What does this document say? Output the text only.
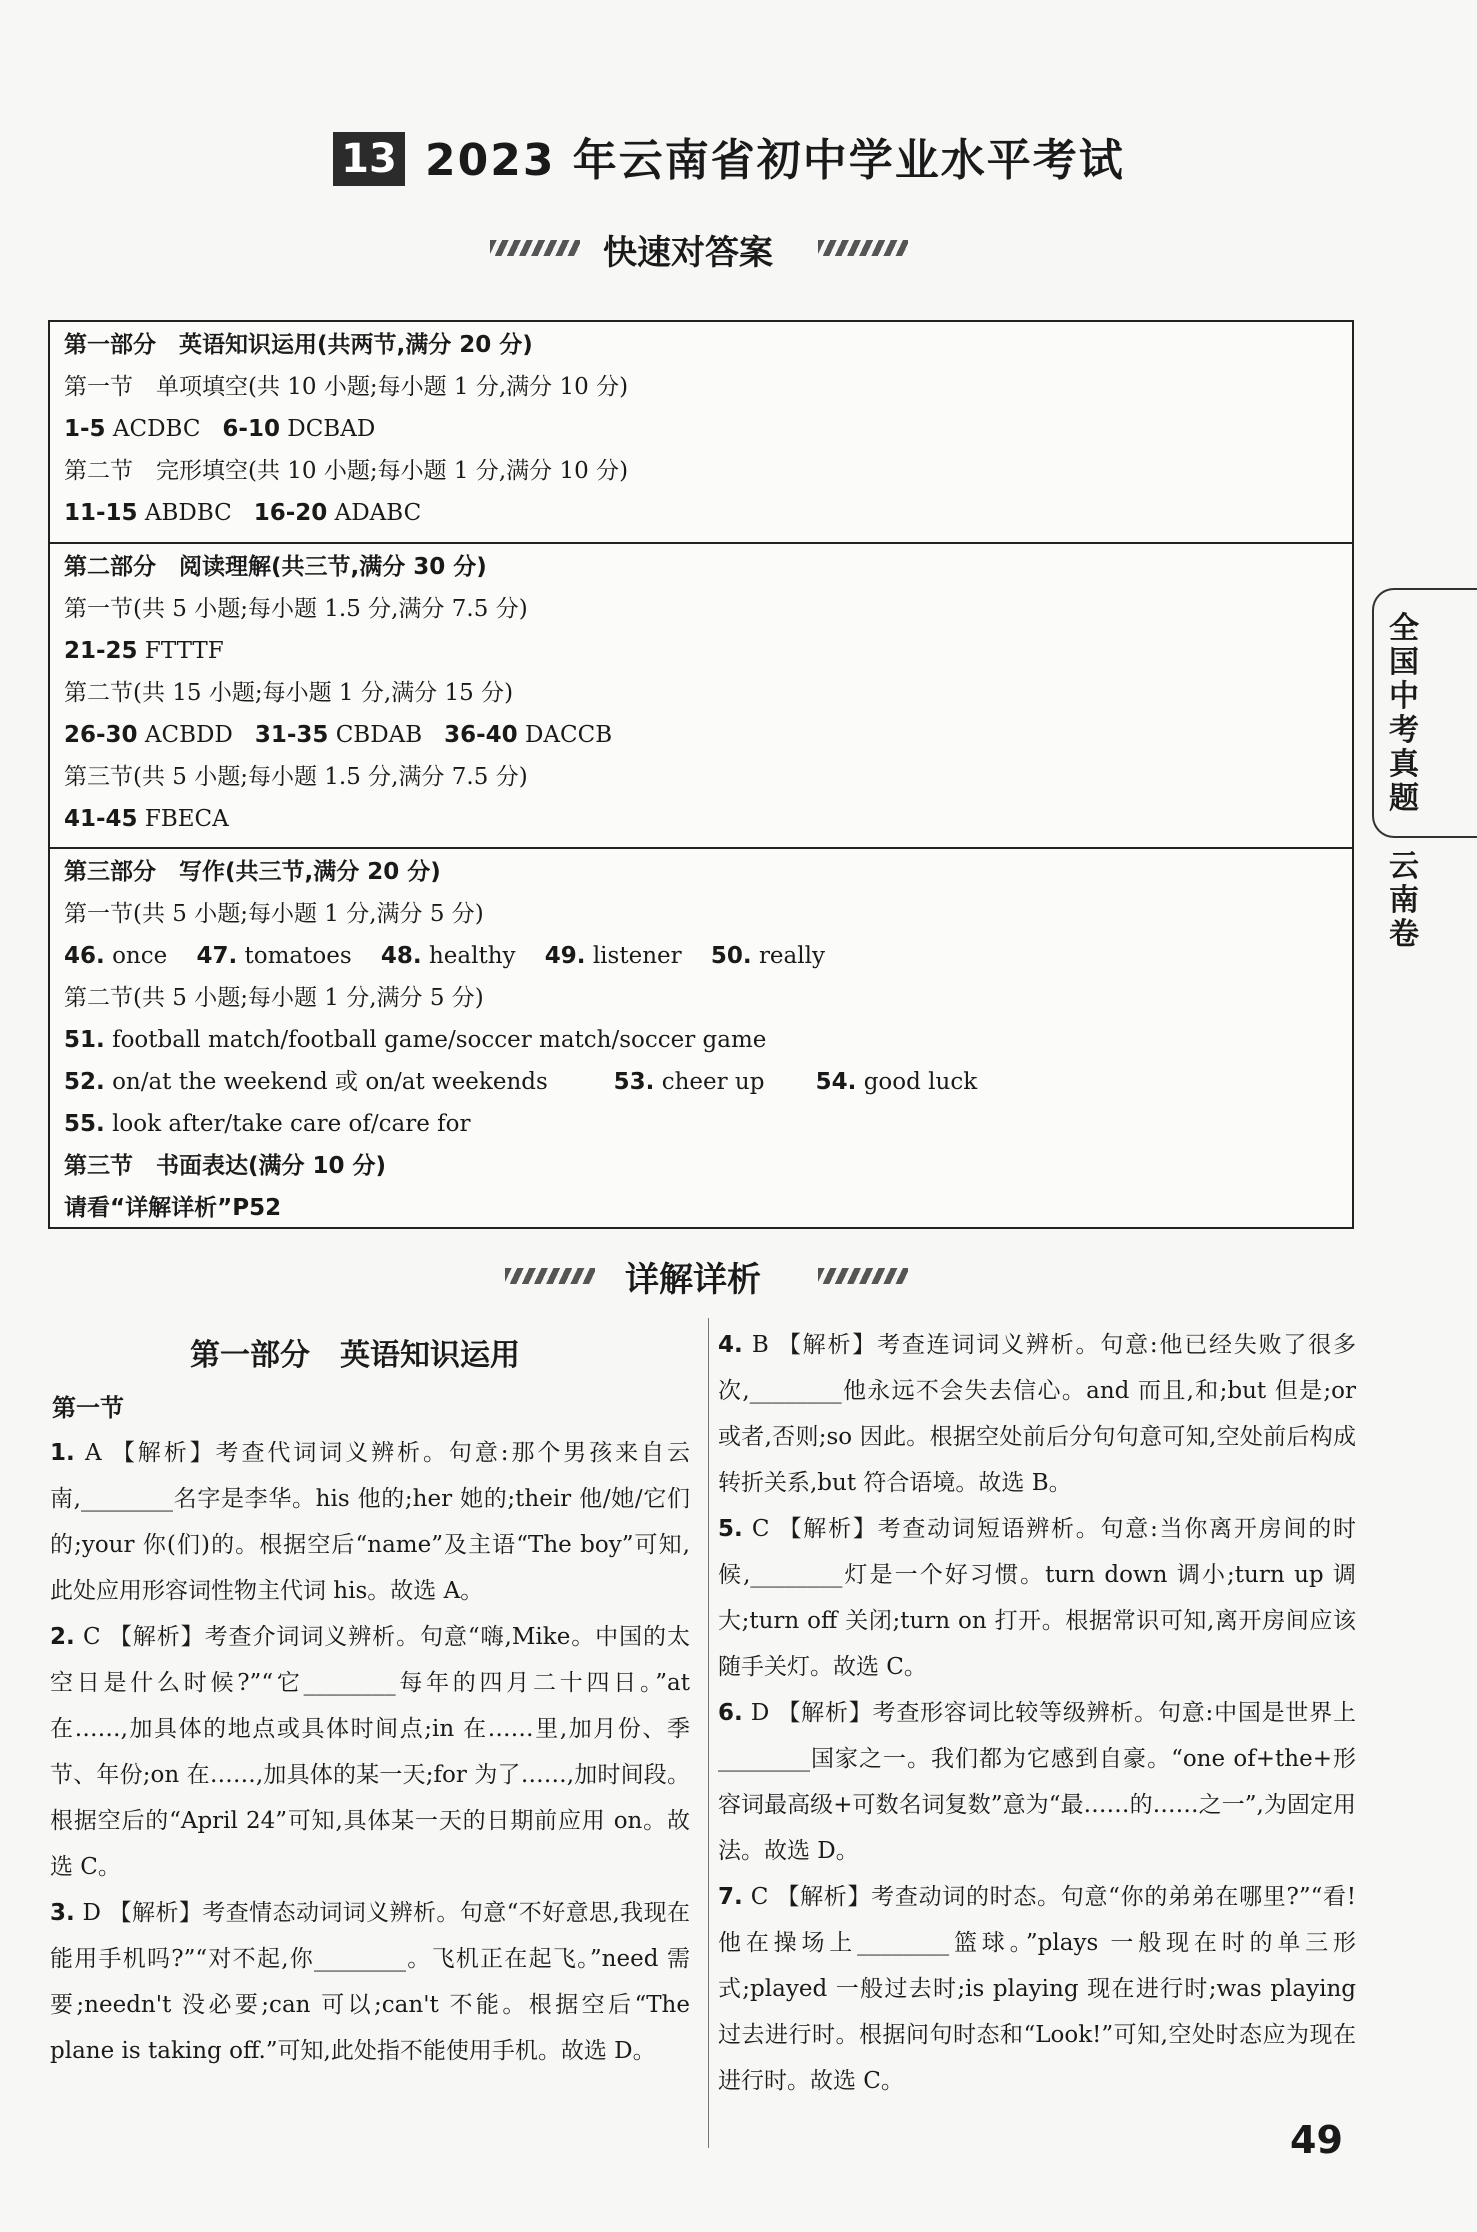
13 2023 年云南省初中学业水平考试
快速对答案
第一部分　英语知识运用(共两节,满分 20 分)
第一节　单项填空(共 10 小题;每小题 1 分,满分 10 分)
1-5 ACDBC 6-10 DCBAD
第二节　完形填空(共 10 小题;每小题 1 分,满分 10 分)
11-15 ABDBC 16-20 ADABC
第二部分　阅读理解(共三节,满分 30 分)
第一节(共 5 小题;每小题 1.5 分,满分 7.5 分)
21-25 FTTTF
第二节(共 15 小题;每小题 1 分,满分 15 分)
26-30 ACBDD 31-35 CBDAB 36-40 DACCB
第三节(共 5 小题;每小题 1.5 分,满分 7.5 分)
41-45 FBECA
第三部分　写作(共三节,满分 20 分)
第一节(共 5 小题;每小题 1 分,满分 5 分)
46. once 47. tomatoes 48. healthy 49. listener 50. really
第二节(共 5 小题;每小题 1 分,满分 5 分)
51. football match/football game/soccer match/soccer game
52. on/at the weekend 或 on/at weekends	53. cheer up 54. good luck
55. look after/take care of/care for
第三节　书面表达(满分 10 分)
请看“详解详析”P52
全国中考真题
云南卷
详解详析
第一部分　英语知识运用
第一节

1. A 【解析】考查代词词义辨析。句意:那个男孩来自云南,________名字是李华。his 他的;her 她的;their 他/她/它们的;your 你(们)的。根据空后“name”及主语“The boy”可知,此处应用形容词性物主代词 his。故选 A。

2. C 【解析】考查介词词义辨析。句意“嗨,Mike。中国的太空日是什么时候?”“它________每年的四月二十四日。”at 在……,加具体的地点或具体时间点;in 在……里,加月份、季节、年份;on 在……,加具体的某一天;for 为了……,加时间段。根据空后的“April 24”可知,具体某一天的日期前应用 on。故选 C。

3. D 【解析】考查情态动词词义辨析。句意“不好意思,我现在能用手机吗?”“对不起,你________。飞机正在起飞。”need 需要;needn't 没必要;can 可以;can't 不能。根据空后“The plane is taking off.”可知,此处指不能使用手机。故选 D。

4. B 【解析】考查连词词义辨析。句意:他已经失败了很多次,________他永远不会失去信心。and 而且,和;but 但是;or 或者,否则;so 因此。根据空处前后分句句意可知,空处前后构成转折关系,but 符合语境。故选 B。

5. C 【解析】考查动词短语辨析。句意:当你离开房间的时候,________灯是一个好习惯。turn down 调小;turn up 调大;turn off 关闭;turn on 打开。根据常识可知,离开房间应该随手关灯。故选 C。

6. D 【解析】考查形容词比较等级辨析。句意:中国是世界上________国家之一。我们都为它感到自豪。“one of+the+形容词最高级+可数名词复数”意为“最……的……之一”,为固定用法。故选 D。

7. C 【解析】考查动词的时态。句意“你的弟弟在哪里?”“看!他在操场上________篮球。”plays 一般现在时的单三形式;played 一般过去时;is playing 现在进行时;was playing 过去进行时。根据问句时态和“Look!”可知,空处时态应为现在进行时。故选 C。

49
